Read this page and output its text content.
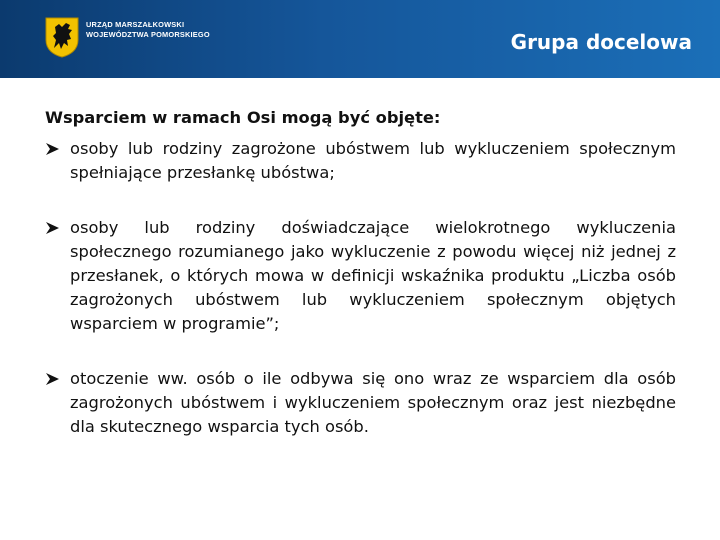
URZĄD MARSZAŁKOWSKI
WOJEWÓDZTWA POMORSKIEGO	Grupa docelowa

Wsparciem w ramach Osi mogą być objęte:

osoby lub rodziny zagrożone ubóstwem lub wykluczeniem społecznym spełniające przesłankę ubóstwa;
osoby lub rodziny doświadczające wielokrotnego wykluczenia społecznego rozumianego jako wykluczenie z powodu więcej niż jednej z przesłanek, o których mowa w definicji wskaźnika produktu „Liczba osób zagrożonych ubóstwem lub wykluczeniem społecznym objętych wsparciem w programie”;
otoczenie ww. osób o ile odbywa się ono wraz ze wsparciem dla osób zagrożonych ubóstwem i wykluczeniem społecznym oraz jest niezbędne dla skutecznego wsparcia tych osób.
